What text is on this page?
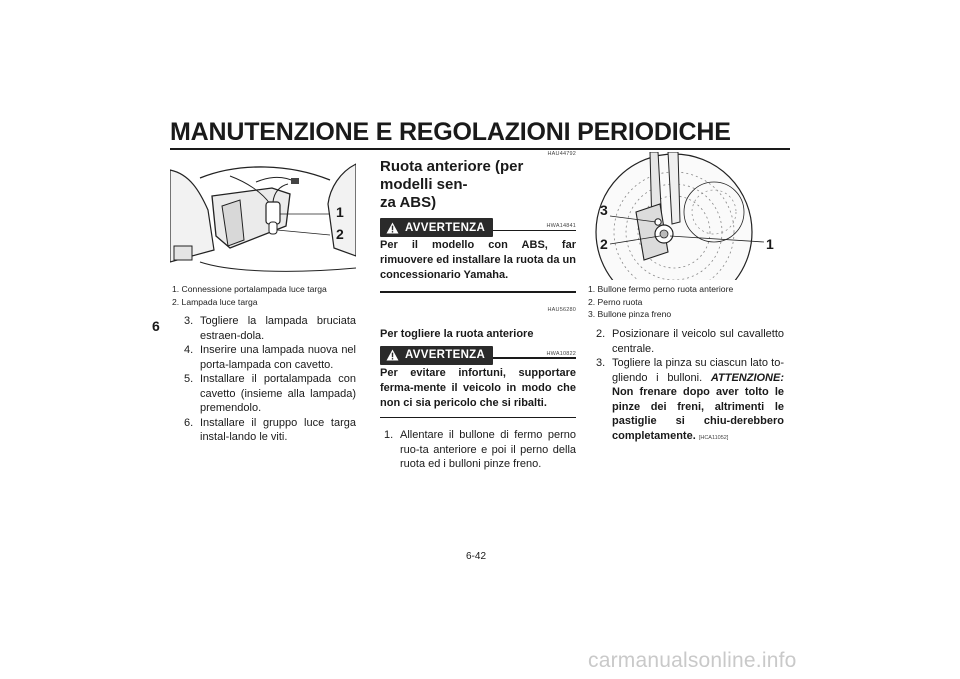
MANUTENZIONE E REGOLAZIONI PERIODICHE
6
1
2
1. Connessione portalampada luce targa
2. Lampada luce targa
3. Togliere la lampada bruciata estraen-dola.
4. Inserire una lampada nuova nel porta-lampada con cavetto.
5. Installare il portalampada con cavetto (insieme alla lampada) premendolo.
6. Installare il gruppo luce targa instal-lando le viti.
HAU44792
Ruota anteriore (per modelli sen-
za ABS)
AVVERTENZA	HWA14841
Per il modello con ABS, far rimuovere ed installare la ruota da un concessionario Yamaha.
HAU56280
Per togliere la ruota anteriore
AVVERTENZA	HWA10822
Per evitare infortuni, supportare ferma-mente il veicolo in modo che non ci sia pericolo che si ribalti.
1. Allentare il bullone di fermo perno ruo-ta anteriore e poi il perno della ruota ed i bulloni pinze freno.
3
2	1
1. Bullone fermo perno ruota anteriore
2. Perno ruota
3. Bullone pinza freno
2. Posizionare il veicolo sul cavalletto centrale.
3. Togliere la pinza su ciascun lato to-gliendo i bulloni. ATTENZIONE: Non frenare dopo aver tolto le pinze dei freni, altrimenti le pastiglie si chiu-derebbero completamente. [HCA11052]
6-42
carmanualsonline.info
